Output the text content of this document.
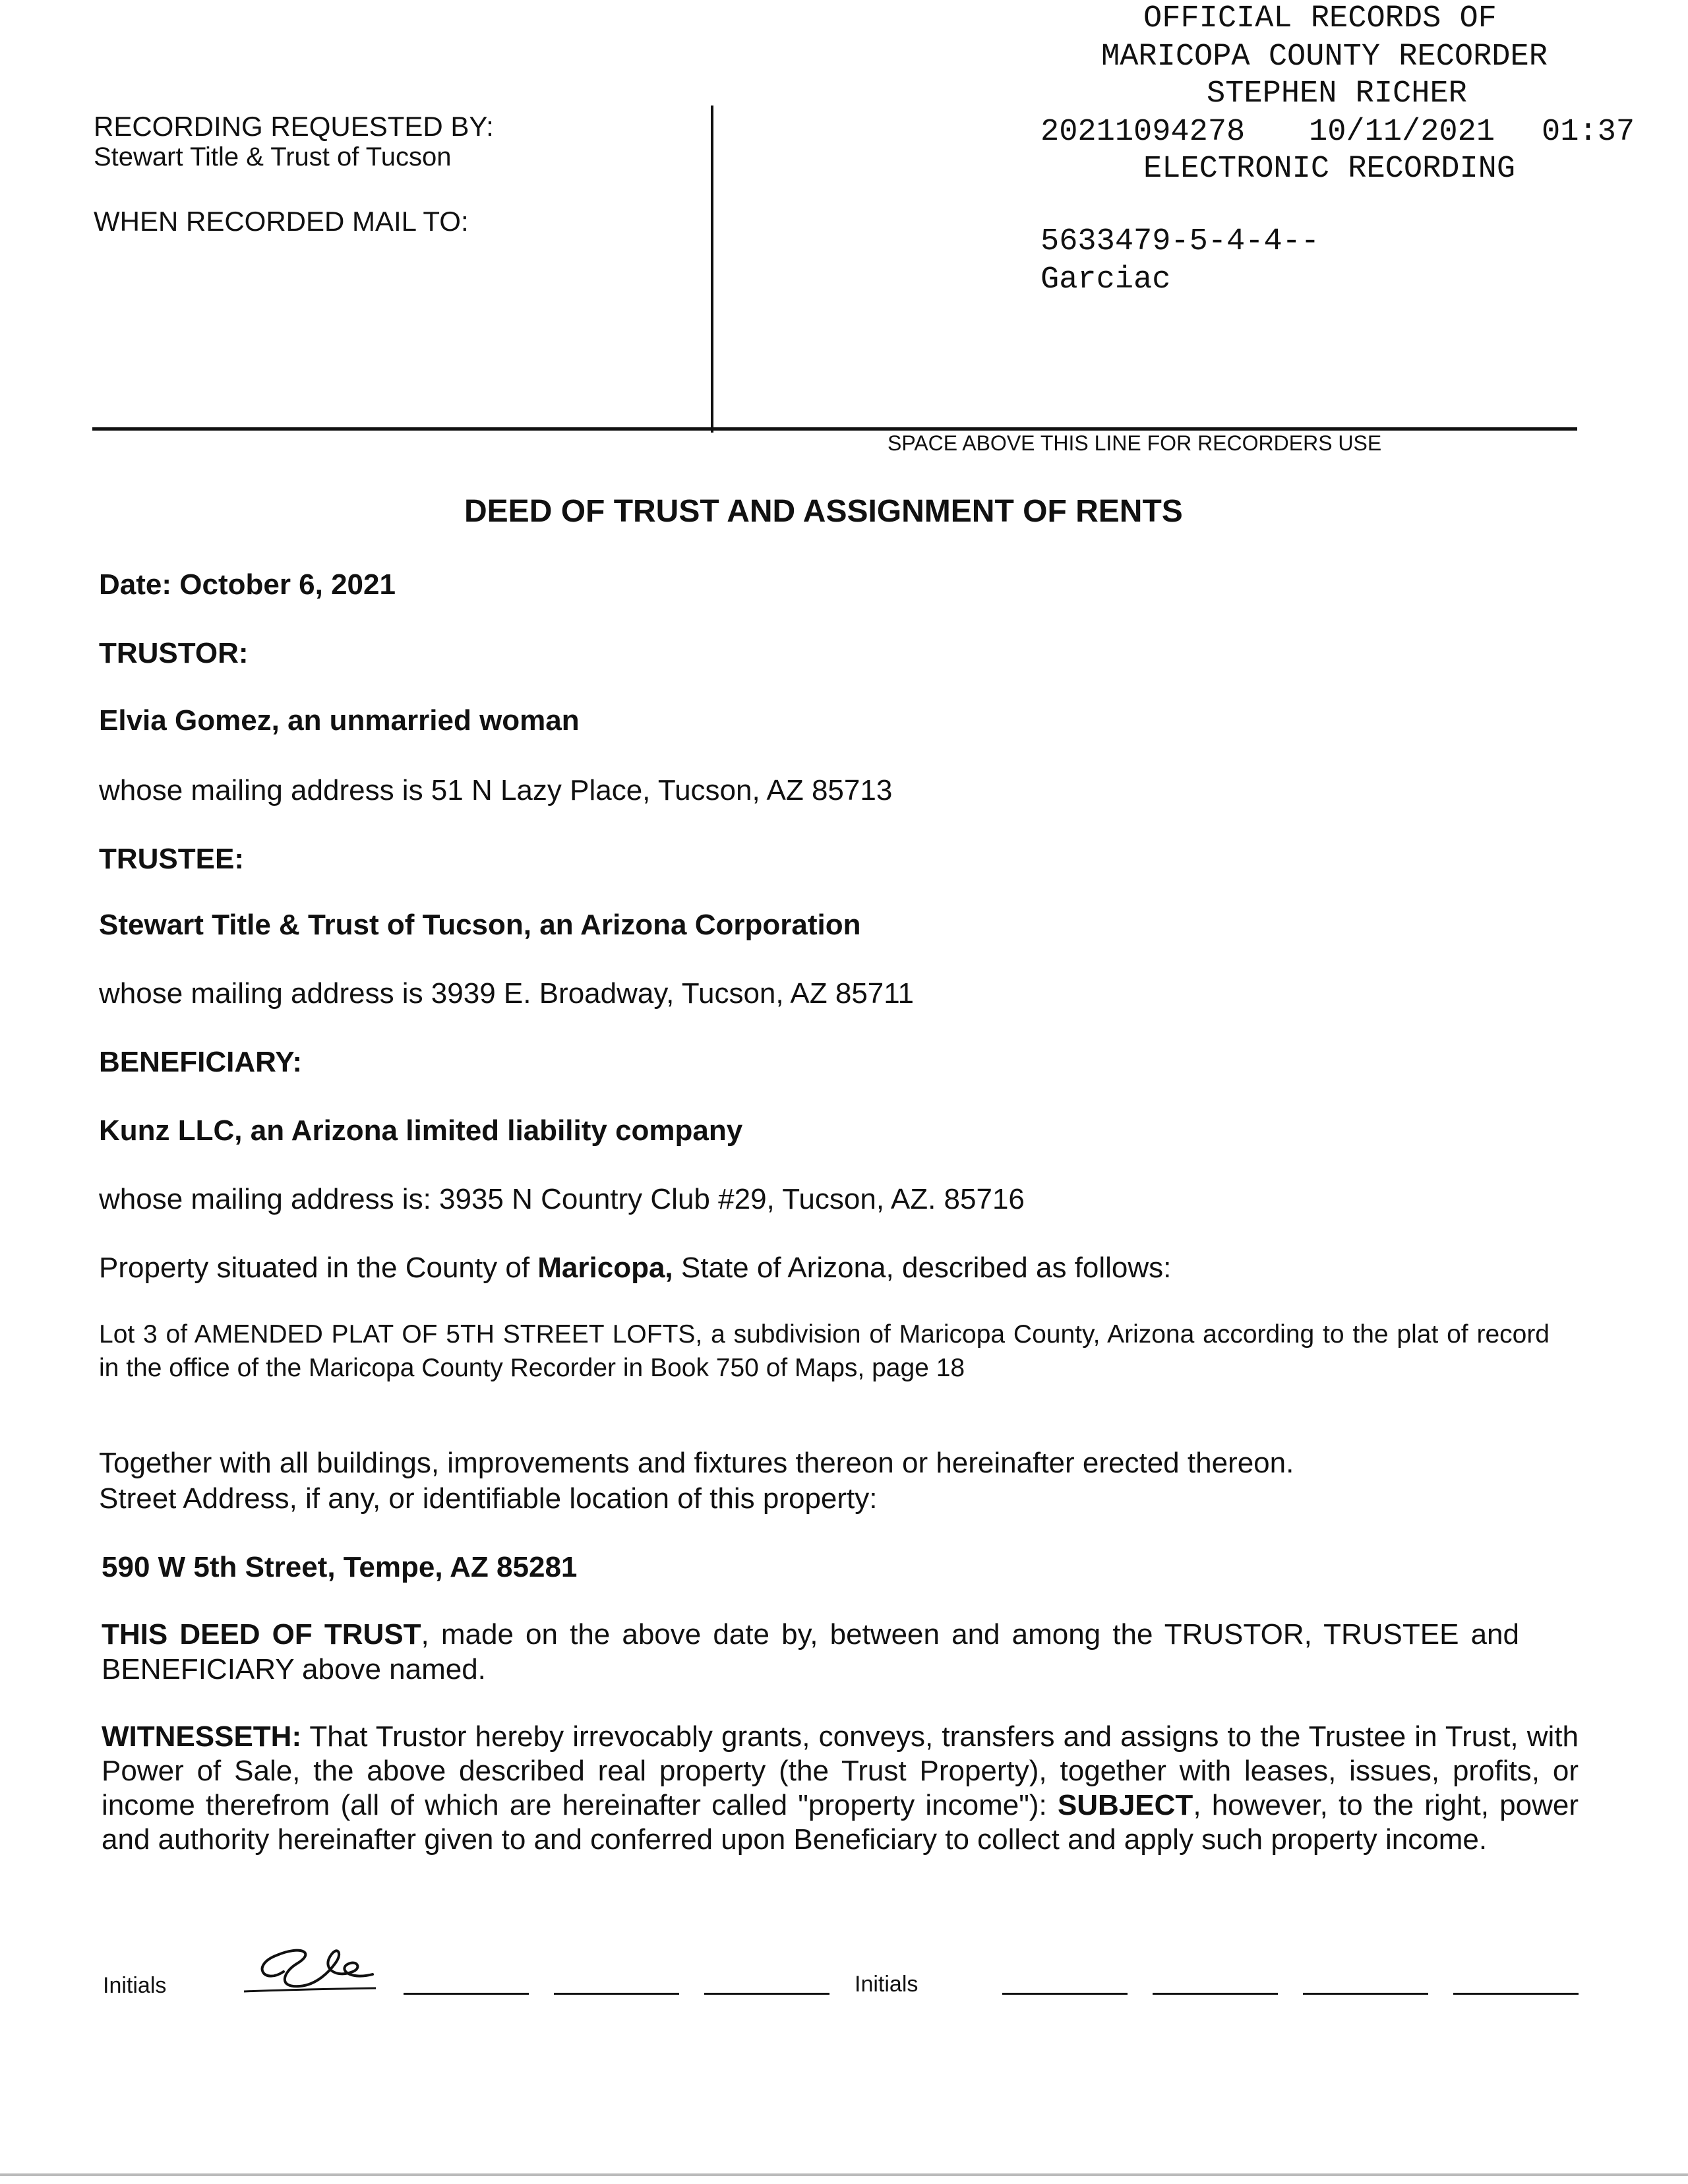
RECORDING REQUESTED BY:
Stewart Title & Trust of Tucson
WHEN RECORDED MAIL TO:
OFFICIAL RECORDS OF
MARICOPA COUNTY RECORDER
STEPHEN RICHER
20211094278 10/11/2021 01:37
ELECTRONIC RECORDING
5633479-5-4-4--
Garciac
SPACE ABOVE THIS LINE FOR RECORDERS USE
DEED OF TRUST AND ASSIGNMENT OF RENTS
Date: October 6, 2021
TRUSTOR:
Elvia Gomez, an unmarried woman
whose mailing address is 51 N Lazy Place, Tucson, AZ 85713
TRUSTEE:
Stewart Title & Trust of Tucson, an Arizona Corporation
whose mailing address is 3939 E. Broadway, Tucson, AZ 85711
BENEFICIARY:
Kunz LLC, an Arizona limited liability company
whose mailing address is: 3935 N Country Club #29, Tucson, AZ. 85716
Property situated in the County of Maricopa, State of Arizona, described as follows:
Lot 3 of AMENDED PLAT OF 5TH STREET LOFTS, a subdivision of Maricopa County, Arizona according to the plat of record in the office of the Maricopa County Recorder in Book 750 of Maps, page 18
Together with all buildings, improvements and fixtures thereon or hereinafter erected thereon.
Street Address, if any, or identifiable location of this property:
590 W 5th Street, Tempe, AZ 85281
THIS DEED OF TRUST, made on the above date by, between and among the TRUSTOR, TRUSTEE and BENEFICIARY above named.
WITNESSETH: That Trustor hereby irrevocably grants, conveys, transfers and assigns to the Trustee in Trust, with Power of Sale, the above described real property (the Trust Property), together with leases, issues, profits, or income therefrom (all of which are hereinafter called "property income"): SUBJECT, however, to the right, power and authority hereinafter given to and conferred upon Beneficiary to collect and apply such property income.
Initials	Initials
